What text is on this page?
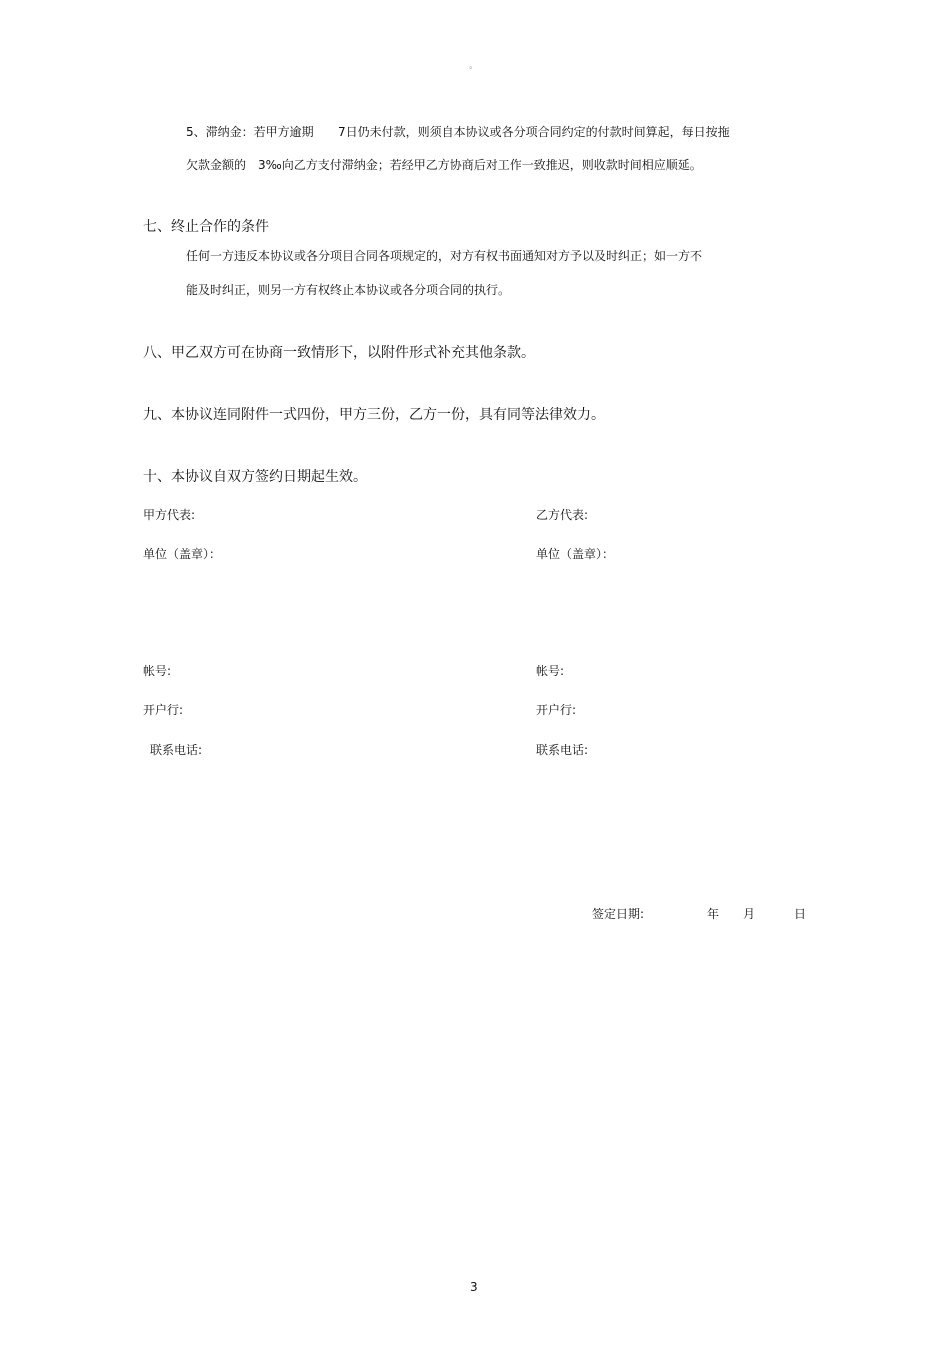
。
5、滞纳金：若甲方逾期 7日仍未付款，则须自本协议或各分项合同约定的付款时间算起，每日按拖
欠款金额的 3‰向乙方支付滞纳金；若经甲乙方协商后对工作一致推迟，则收款时间相应顺延。
七、终止合作的条件
任何一方违反本协议或各分项目合同各项规定的，对方有权书面通知对方予以及时纠正；如一方不
能及时纠正，则另一方有权终止本协议或各分项合同的执行。
八、甲乙双方可在协商一致情形下，以附件形式补充其他条款。
九、本协议连同附件一式四份，甲方三份，乙方一份，具有同等法律效力。
十、本协议自双方签约日期起生效。
甲方代表:
单位（盖章）：
帐号:
开户行:
联系电话:
乙方代表:
单位（盖章）：
帐号:
开户行:
联系电话:
签定日期:	年 月	日
3
